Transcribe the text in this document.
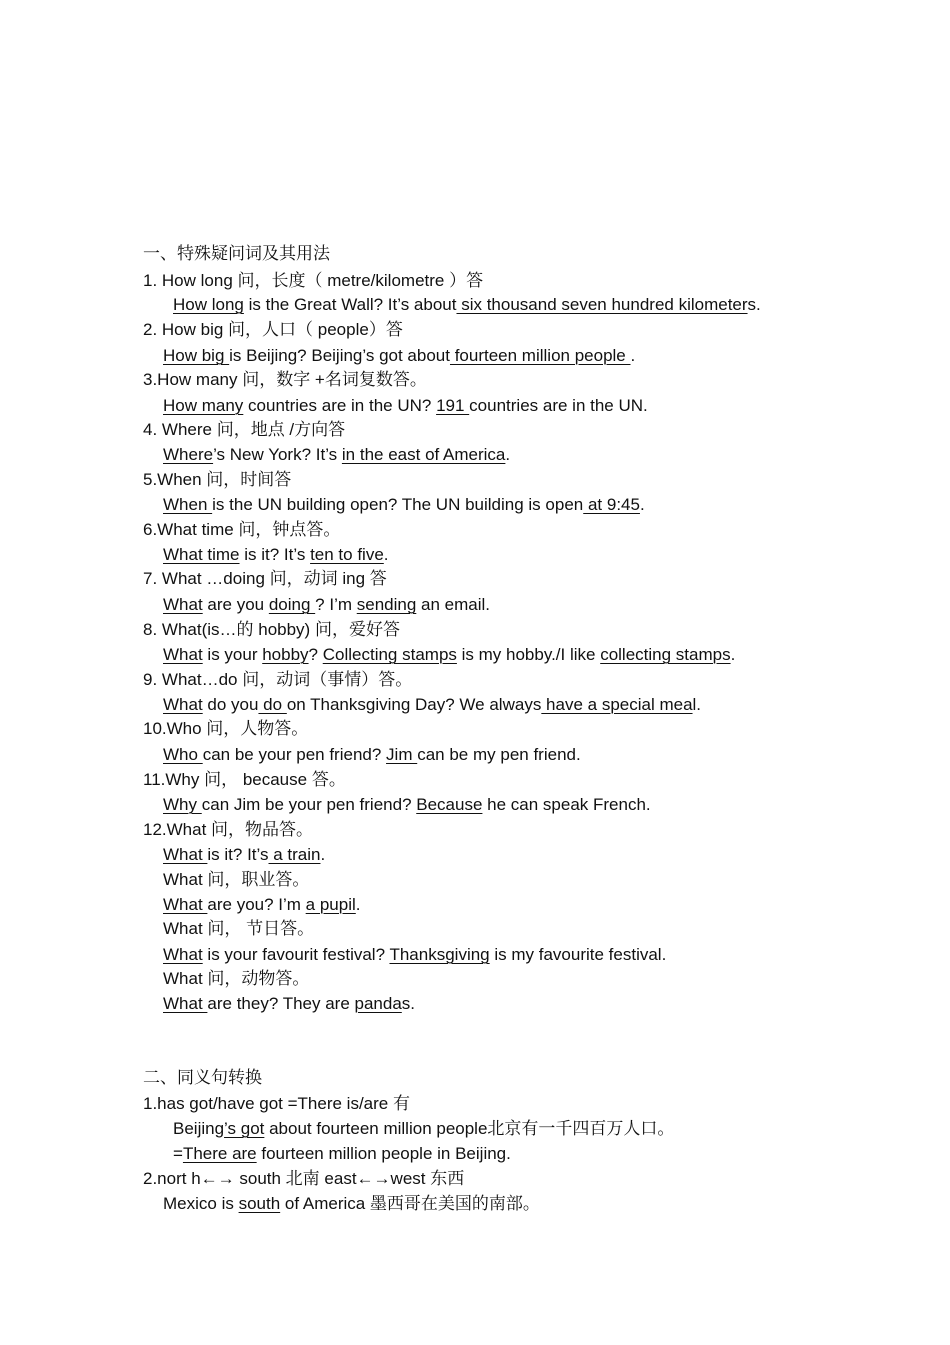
一、特殊疑问词及其用法
1. How long 问，长度（ metre/kilometre ）答
How long is the Great Wall? It’s about six thousand seven hundred kilometers.
2. How big 问，人口（ people）答
How big is Beijing? Beijing’s got about fourteen million people .
3.How many 问，数字 +名词复数答。
How many countries are in the UN? 191 countries are in the UN.
4. Where 问，地点 /方向答
Where’s New York? It’s in the east of America.
5.When 问，时间答
When is the UN building open? The UN building is open at 9:45.
6.What time 问，钟点答。
What time is it? It’s ten to five.
7. What …doing 问，动词 ing 答
What are you doing ? I’m sending an email.
8. What(is…的 hobby) 问，爱好答
What is your hobby? Collecting stamps is my hobby./I like collecting stamps.
9. What…do 问，动词（事情）答。
What do you do on Thanksgiving Day? We always have a special meal.
10.Who 问，人物答。
Who can be your pen friend? Jim can be my pen friend.
11.Why 问， because 答。
Why can Jim be your pen friend? Because he can speak French.
12.What 问，物品答。
What is it? It’s a train.
What 问，职业答。
What are you? I’m a pupil.
What 问， 节日答。
What is your favourit festival? Thanksgiving is my favourite festival.
What 问，动物答。
What are they? They are pandas.
二、同义句转换
1.has got/have got =There is/are 有
Beijing’s got about fourteen million people北京有一千四百万人口。
=There are fourteen million people in Beijing.
2.nort h←→ south 北南 east←→west 东西
Mexico is south of America 墨西哥在美国的南部。
